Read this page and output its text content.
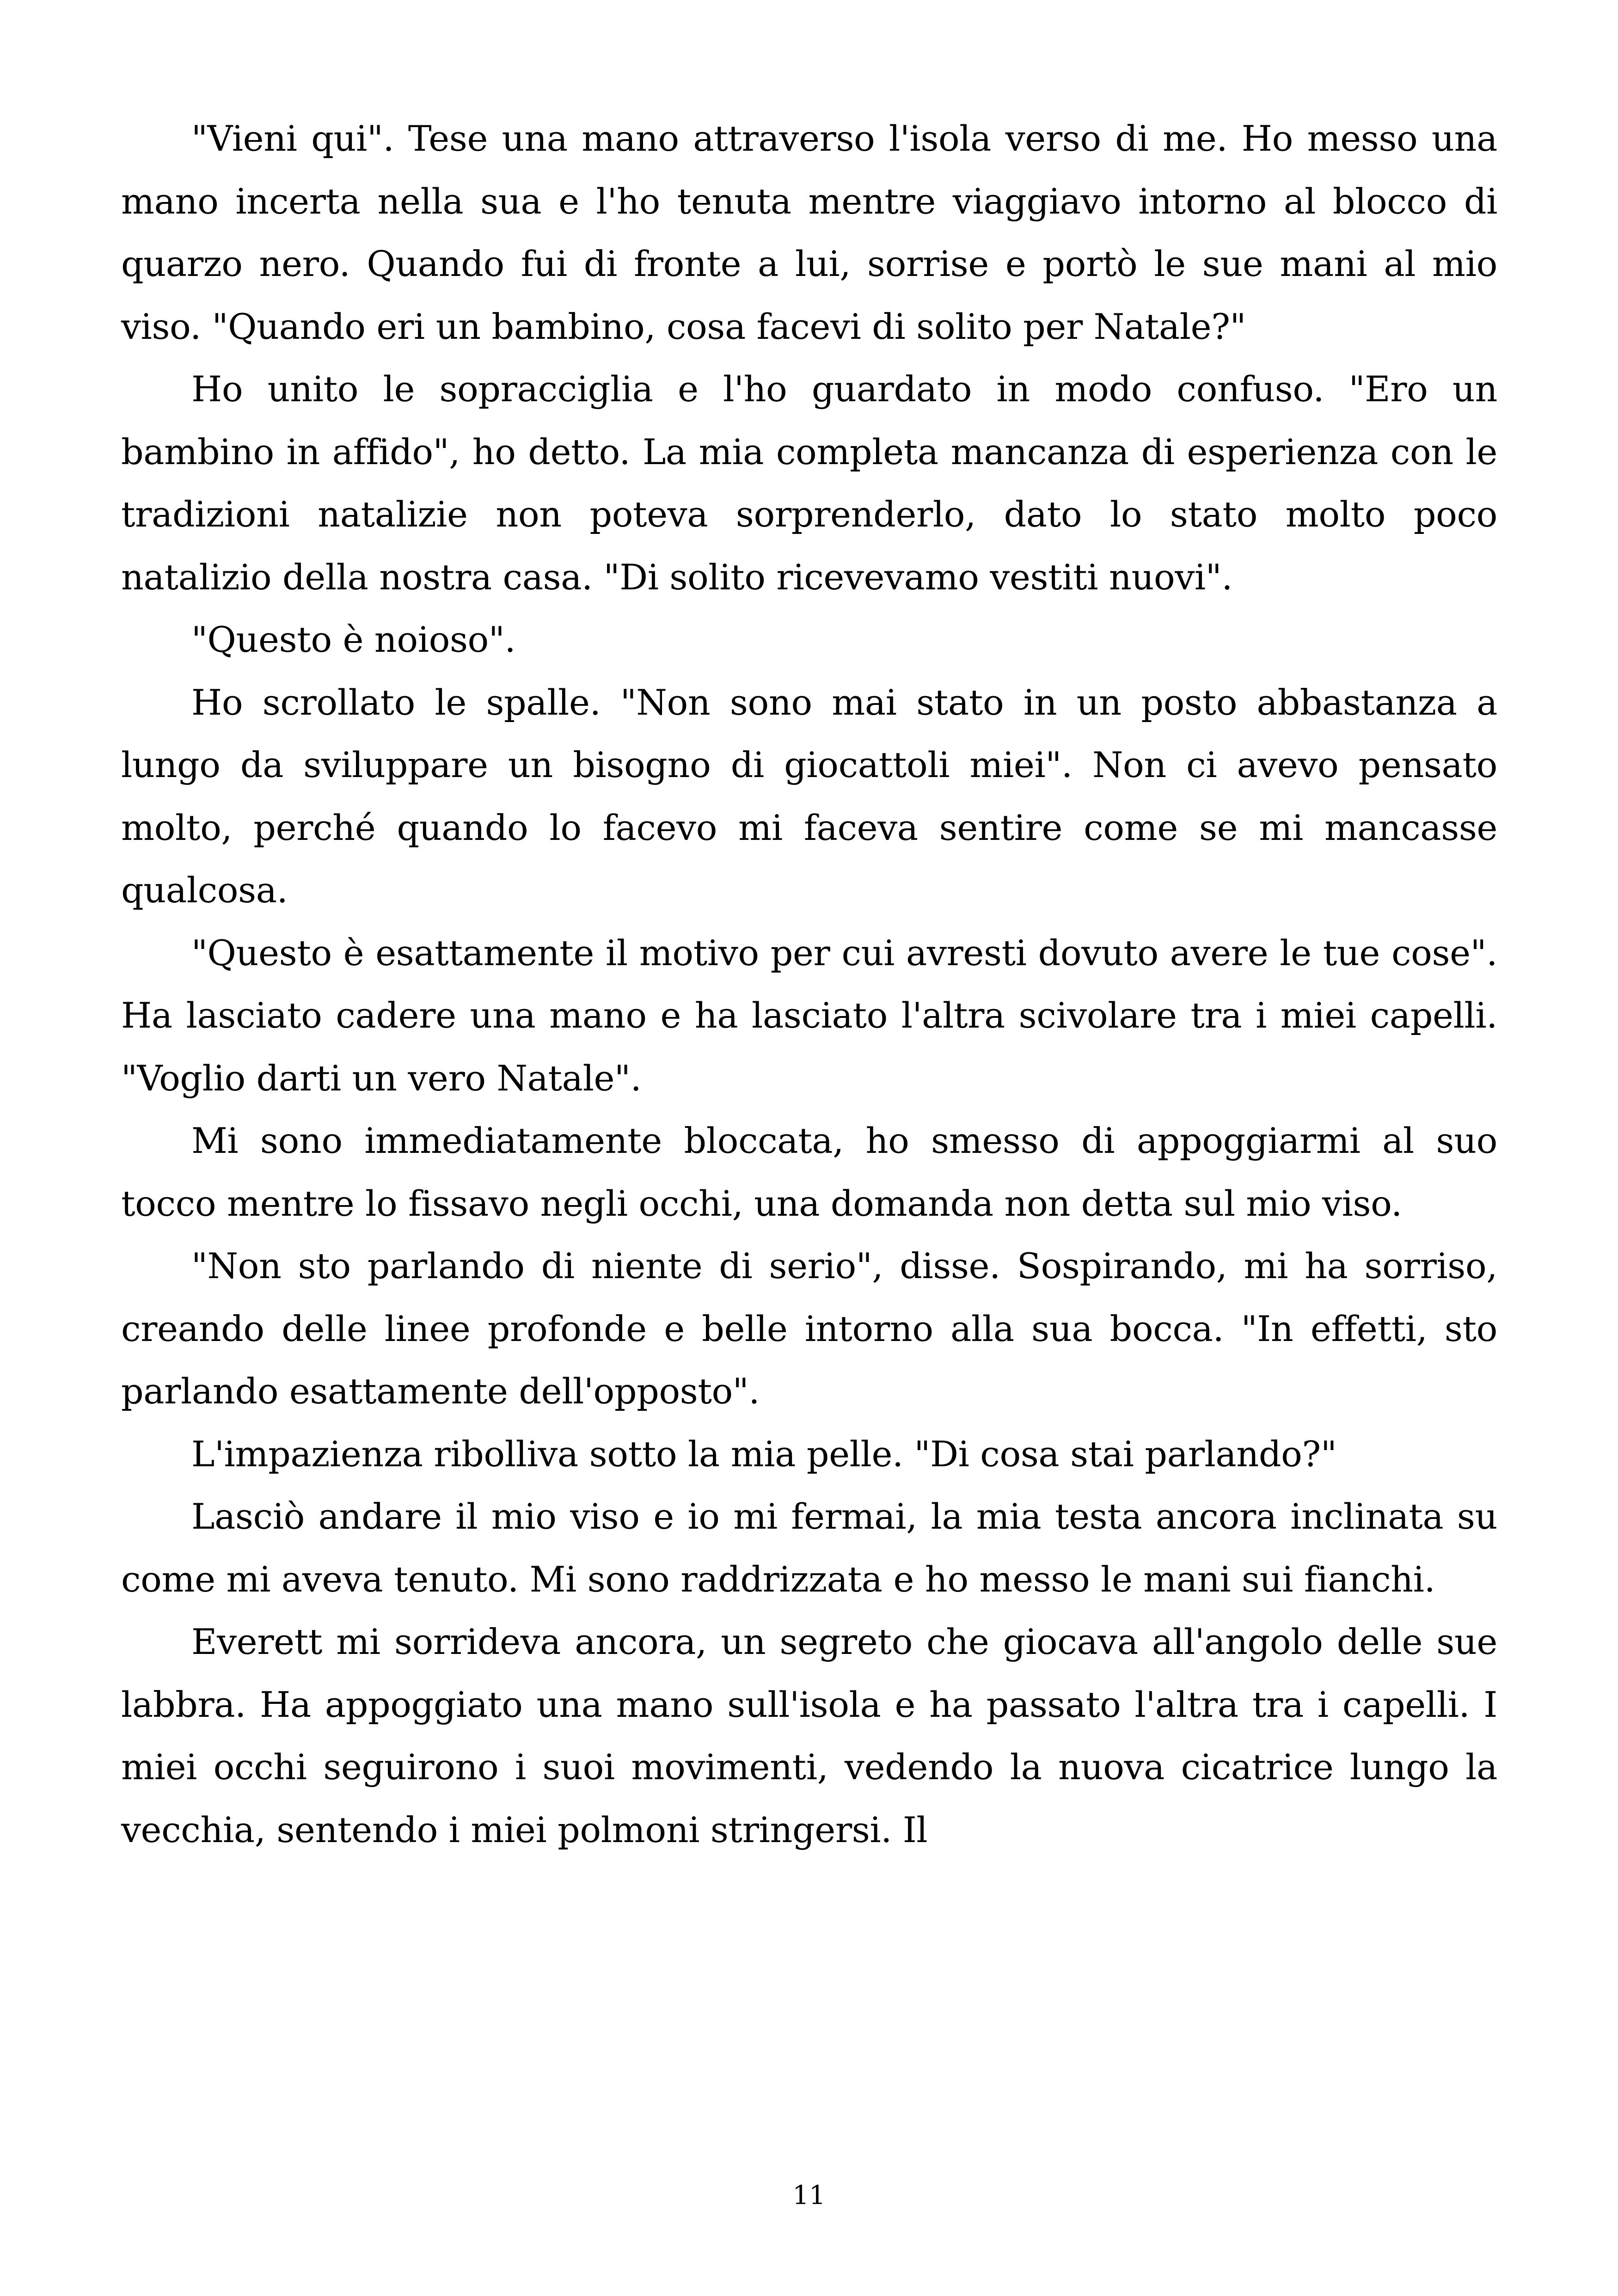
"Vieni qui". Tese una mano attraverso l'isola verso di me. Ho messo una mano incerta nella sua e l'ho tenuta mentre viaggiavo intorno al blocco di quarzo nero. Quando fui di fronte a lui, sorrise e portò le sue mani al mio viso. "Quando eri un bambino, cosa facevi di solito per Natale?"

Ho unito le sopracciglia e l'ho guardato in modo confuso. "Ero un bambino in affido", ho detto. La mia completa mancanza di esperienza con le tradizioni natalizie non poteva sorprenderlo, dato lo stato molto poco natalizio della nostra casa. "Di solito ricevevamo vestiti nuovi".

"Questo è noioso".

Ho scrollato le spalle. "Non sono mai stato in un posto abbastanza a lungo da sviluppare un bisogno di giocattoli miei". Non ci avevo pensato molto, perché quando lo facevo mi faceva sentire come se mi mancasse qualcosa.

"Questo è esattamente il motivo per cui avresti dovuto avere le tue cose". Ha lasciato cadere una mano e ha lasciato l'altra scivolare tra i miei capelli. "Voglio darti un vero Natale".

Mi sono immediatamente bloccata, ho smesso di appoggiarmi al suo tocco mentre lo fissavo negli occhi, una domanda non detta sul mio viso.

"Non sto parlando di niente di serio", disse. Sospirando, mi ha sorriso, creando delle linee profonde e belle intorno alla sua bocca. "In effetti, sto parlando esattamente dell'opposto".

L'impazienza ribolliva sotto la mia pelle. "Di cosa stai parlando?"

Lasciò andare il mio viso e io mi fermai, la mia testa ancora inclinata su come mi aveva tenuto. Mi sono raddrizzata e ho messo le mani sui fianchi.

Everett mi sorrideva ancora, un segreto che giocava all'angolo delle sue labbra. Ha appoggiato una mano sull'isola e ha passato l'altra tra i capelli. I miei occhi seguirono i suoi movimenti, vedendo la nuova cicatrice lungo la vecchia, sentendo i miei polmoni stringersi. Il

11
